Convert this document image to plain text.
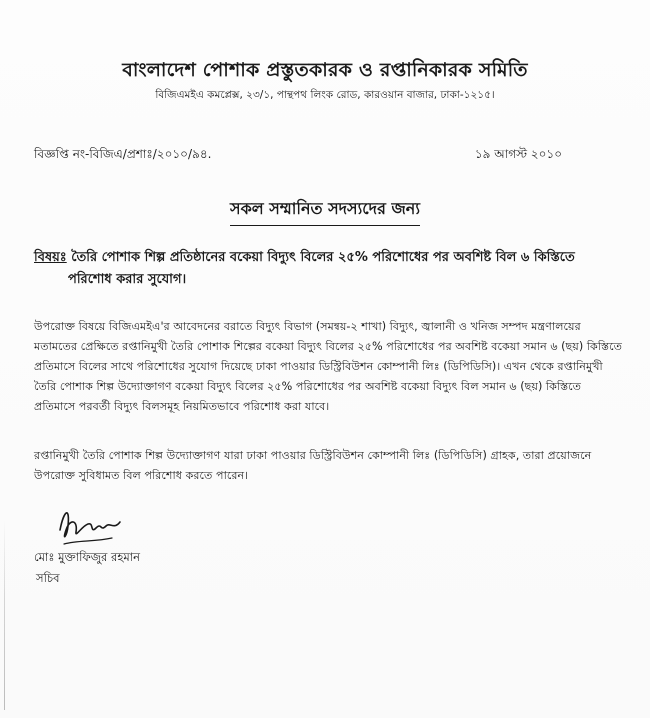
বাংলাদেশ পোশাক প্রস্তুতকারক ও রপ্তানিকারক সমিতি
বিজিএমইএ কমপ্লেক্স, ২৩/১, পান্থপথ লিংক রোড, কারওয়ান বাজার, ঢাকা-১২১৫।
বিজ্ঞপ্তি নং-বিজিএ/প্রশাঃ/২০১০/৯৪.	১৯ আগস্ট ২০১০
সকল সম্মানিত সদস্যদের জন্য
বিষয়ঃ তৈরি পোশাক শিল্প প্রতিষ্ঠানের বকেয়া বিদ্যুৎ বিলের ২৫% পরিশোধের পর অবশিষ্ট বিল ৬ কিস্তিতে
পরিশোধ করার সুযোগ।
উপরোক্ত বিষয়ে বিজিএমইএ'র আবেদনের বরাতে বিদ্যুৎ বিভাগ (সমন্বয়-২ শাখা) বিদ্যুৎ, জ্বালানী ও খনিজ সম্পদ মন্ত্রণালয়ের মতামতের প্রেক্ষিতে রপ্তানিমুখী তৈরি পোশাক শিল্পের বকেয়া বিদ্যুৎ বিলের ২৫% পরিশোধের পর অবশিষ্ট বকেয়া সমান ৬ (ছয়) কিস্তিতে প্রতিমাসে বিলের সাথে পরিশোধের সুযোগ দিয়েছে ঢাকা পাওয়ার ডিস্ট্রিবিউশন কোম্পানী লিঃ (ডিপিডিসি)। এখন থেকে রপ্তানিমুখী তৈরি পোশাক শিল্প উদ্যোক্তাগণ বকেয়া বিদ্যুৎ বিলের ২৫% পরিশোধের পর অবশিষ্ট বকেয়া বিদ্যুৎ বিল সমান ৬ (ছয়) কিস্তিতে প্রতিমাসে পরবর্তী বিদ্যুৎ বিলসমূহ নিয়মিতভাবে পরিশোধ করা যাবে।
রপ্তানিমুখী তৈরি পোশাক শিল্প উদ্যোক্তাগণ যারা ঢাকা পাওয়ার ডিস্ট্রিবিউশন কোম্পানী লিঃ (ডিপিডিসি) গ্রাহক, তারা প্রয়োজনে উপরোক্ত সুবিধামত বিল পরিশোধ করতে পারেন।
মোঃ মুক্তাফিজুর রহমান
সচিব
